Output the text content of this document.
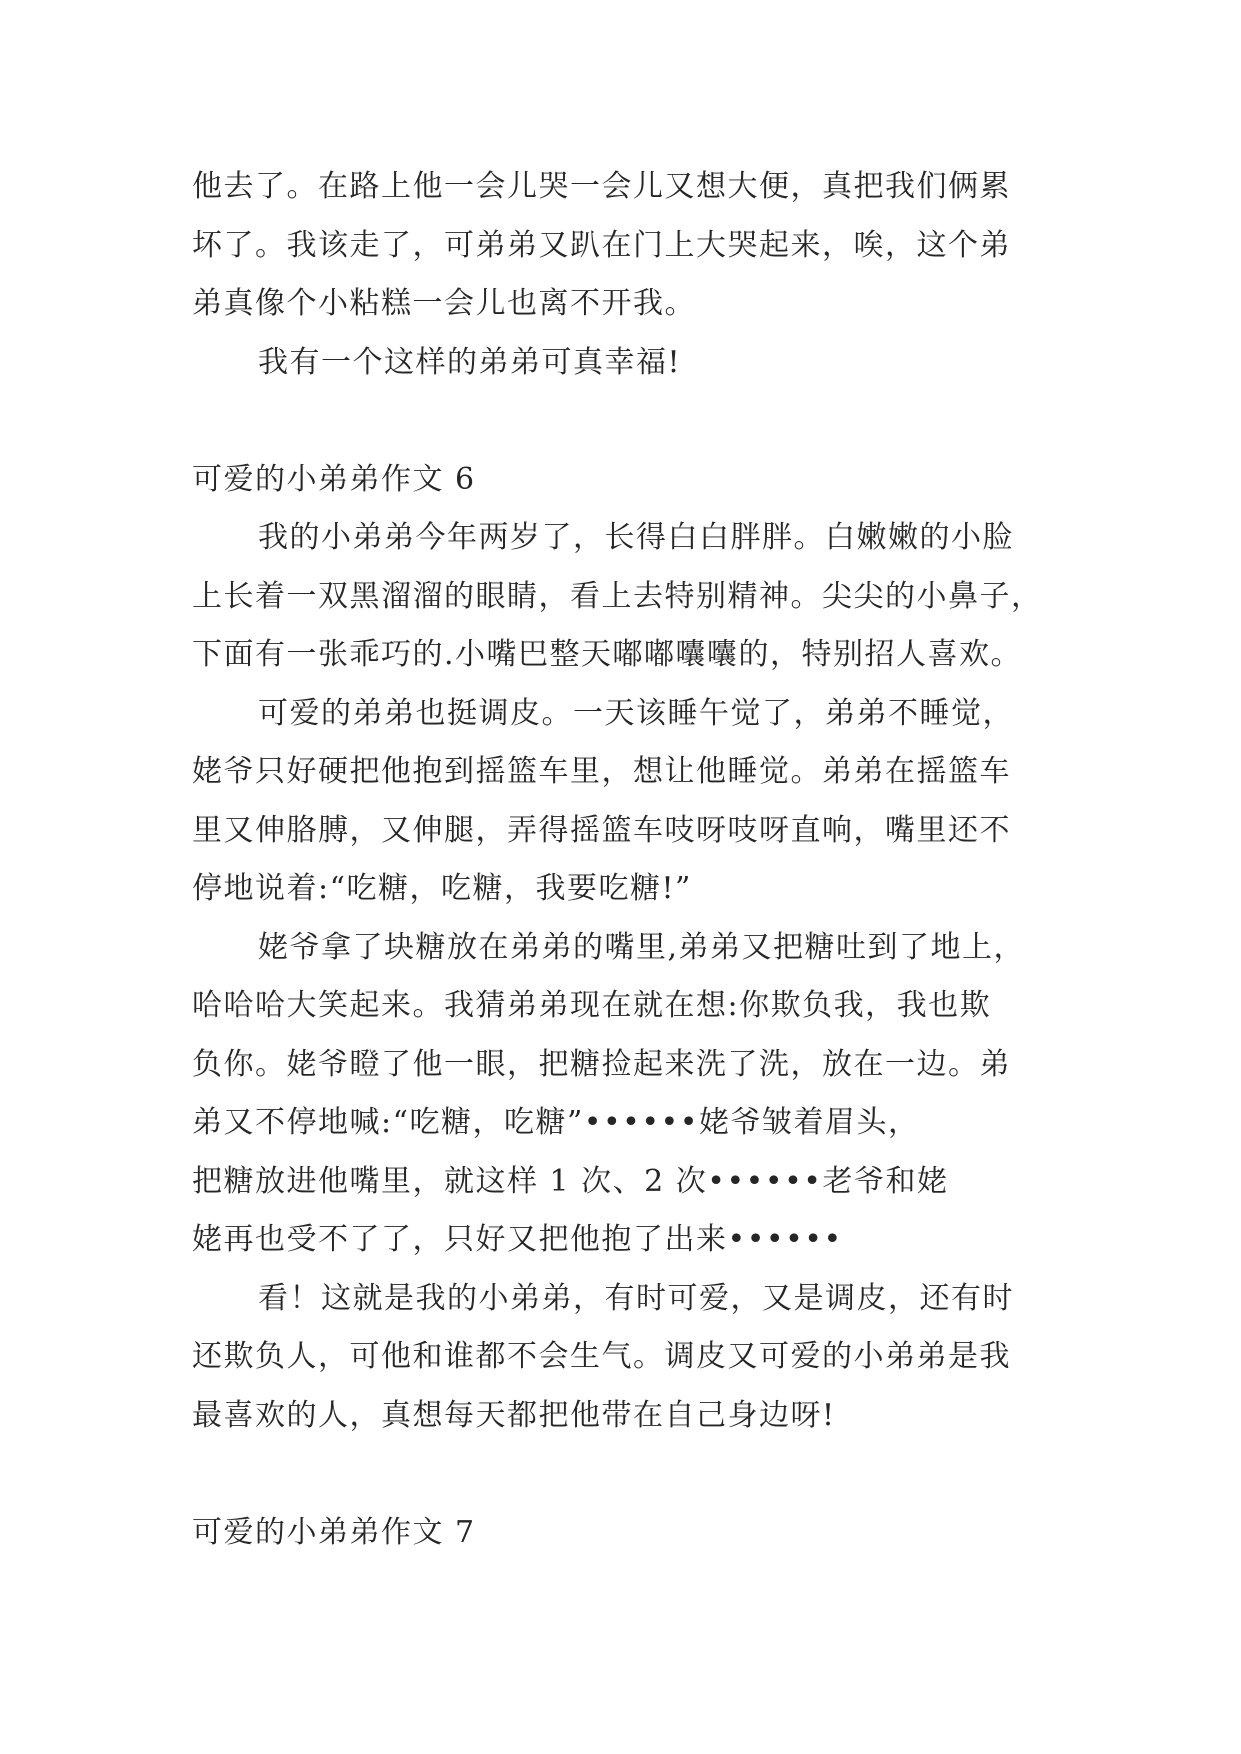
他去了。在路上他一会儿哭一会儿又想大便，真把我们俩累
坏了。我该走了，可弟弟又趴在门上大哭起来，唉，这个弟
弟真像个小粘糕一会儿也离不开我。
我有一个这样的弟弟可真幸福!
可爱的小弟弟作文 6
我的小弟弟今年两岁了，长得白白胖胖。白嫩嫩的小脸
上长着一双黑溜溜的眼睛，看上去特别精神。尖尖的小鼻子，
下面有一张乖巧的.小嘴巴整天嘟嘟囔囔的，特别招人喜欢。
可爱的弟弟也挺调皮。一天该睡午觉了，弟弟不睡觉，
姥爷只好硬把他抱到摇篮车里，想让他睡觉。弟弟在摇篮车
里又伸胳膊，又伸腿，弄得摇篮车吱呀吱呀直响，嘴里还不
停地说着:“吃糖，吃糖，我要吃糖!”
姥爷拿了块糖放在弟弟的嘴里,弟弟又把糖吐到了地上，
哈哈哈大笑起来。我猜弟弟现在就在想:你欺负我，我也欺
负你。姥爷瞪了他一眼，把糖捡起来洗了洗，放在一边。弟
弟又不停地喊:“吃糖，吃糖”••••••姥爷皱着眉头，
把糖放进他嘴里，就这样 1 次、2 次••••••老爷和姥
姥再也受不了了，只好又把他抱了出来••••••
看！这就是我的小弟弟，有时可爱，又是调皮，还有时
还欺负人，可他和谁都不会生气。调皮又可爱的小弟弟是我
最喜欢的人，真想每天都把他带在自己身边呀!
可爱的小弟弟作文 7
